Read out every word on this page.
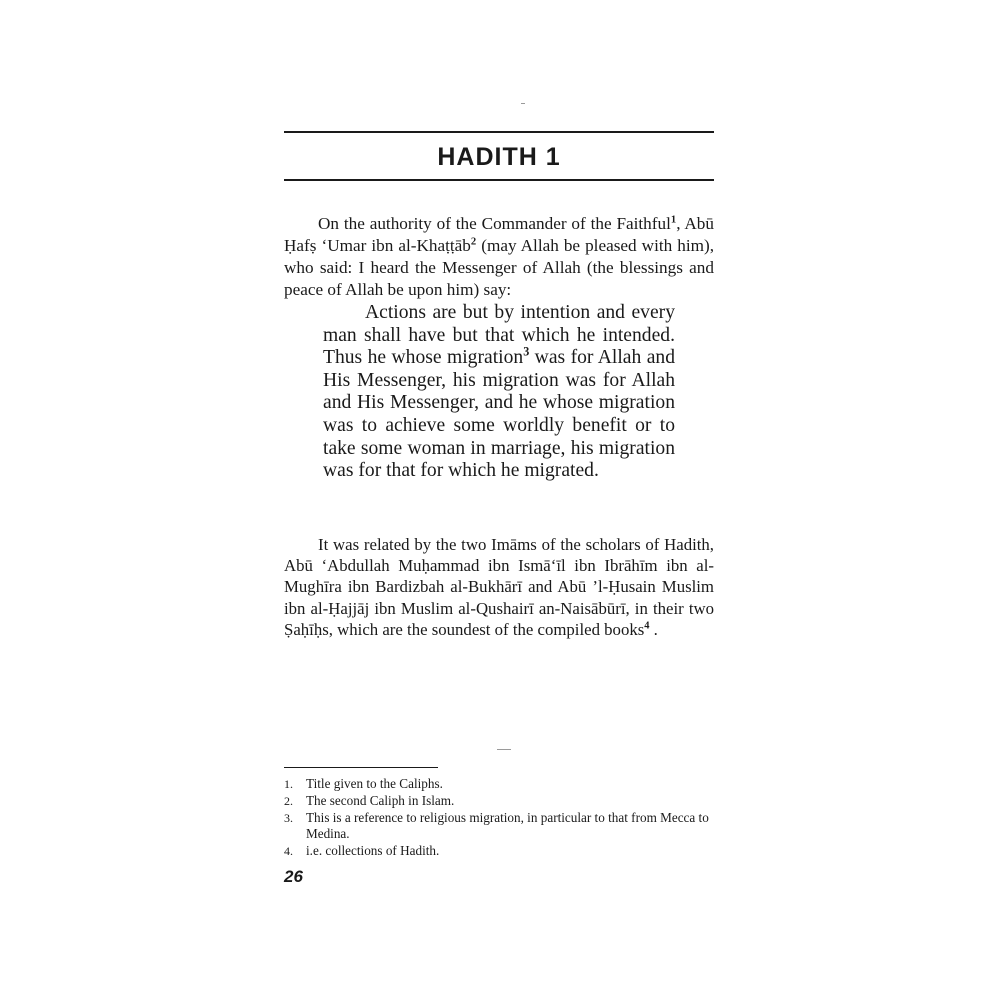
HADITH 1

On the authority of the Commander of the Faithful$^1$, Abū Ḥafṣ ‘Umar ibn al-Khaṭṭāb$^2$ (may Allah be pleased with him), who said: I heard the Messenger of Allah (the blessings and peace of Allah be upon him) say:

Actions are but by intention and every man shall have but that which he intended. Thus he whose migration$^3$ was for Allah and His Messenger, his migration was for Allah and His Messenger, and he whose migration was to achieve some worldly benefit or to take some woman in marriage, his migration was for that for which he migrated.

It was related by the two Imāms of the scholars of Hadith, Abū ‘Abdullah Muḥammad ibn Ismā‘īl ibn Ibrāhīm ibn al-Mughīra ibn Bardizbah al-Bukhārī and Abū ’l-Ḥusain Muslim ibn al-Ḥajjāj ibn Muslim al-Qushairī an-Naisābūrī, in their two Ṣaḥīḥs, which are the soundest of the compiled books$^4$ .

1. Title given to the Caliphs.
2. The second Caliph in Islam.
3. This is a reference to religious migration, in particular to that from Mecca to Medina.
4. i.e. collections of Hadith.
26
